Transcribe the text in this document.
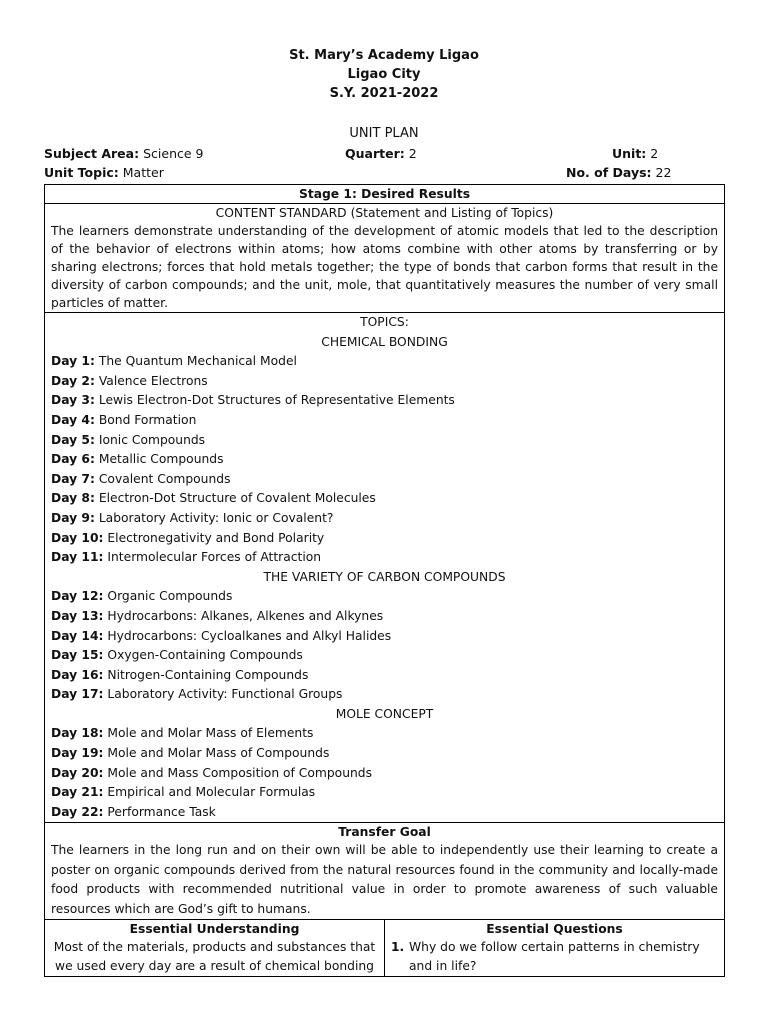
St. Mary’s Academy Ligao
Ligao City
S.Y. 2021-2022
UNIT PLAN
Subject Area: Science 9	Quarter: 2	Unit: 2
Unit Topic: Matter	No. of Days: 22
Stage 1: Desired Results

CONTENT STANDARD (Statement and Listing of Topics)
The learners demonstrate understanding of the development of atomic models that led to the description of the behavior of electrons within atoms; how atoms combine with other atoms by transferring or by sharing electrons; forces that hold metals together; the type of bonds that carbon forms that result in the diversity of carbon compounds; and the unit, mole, that quantitatively measures the number of very small particles of matter.

TOPICS:
CHEMICAL BONDING
Day 1: The Quantum Mechanical Model
Day 2: Valence Electrons
Day 3: Lewis Electron-Dot Structures of Representative Elements
Day 4: Bond Formation
Day 5: Ionic Compounds
Day 6: Metallic Compounds
Day 7: Covalent Compounds
Day 8: Electron-Dot Structure of Covalent Molecules
Day 9: Laboratory Activity: Ionic or Covalent?
Day 10: Electronegativity and Bond Polarity
Day 11: Intermolecular Forces of Attraction
THE VARIETY OF CARBON COMPOUNDS
Day 12: Organic Compounds
Day 13: Hydrocarbons: Alkanes, Alkenes and Alkynes
Day 14: Hydrocarbons: Cycloalkanes and Alkyl Halides
Day 15: Oxygen-Containing Compounds
Day 16: Nitrogen-Containing Compounds
Day 17: Laboratory Activity: Functional Groups
MOLE CONCEPT
Day 18: Mole and Molar Mass of Elements
Day 19: Mole and Molar Mass of Compounds
Day 20: Mole and Mass Composition of Compounds
Day 21: Empirical and Molecular Formulas
Day 22: Performance Task

Transfer Goal
The learners in the long run and on their own will be able to independently use their learning to create a poster on organic compounds derived from the natural resources found in the community and locally-made food products with recommended nutritional value in order to promote awareness of such valuable resources which are God’s gift to humans.

Essential Understanding
Most of the materials, products and substances that we used every day are a result of chemical bonding

Essential Questions
1. Why do we follow certain patterns in chemistry and in life?
